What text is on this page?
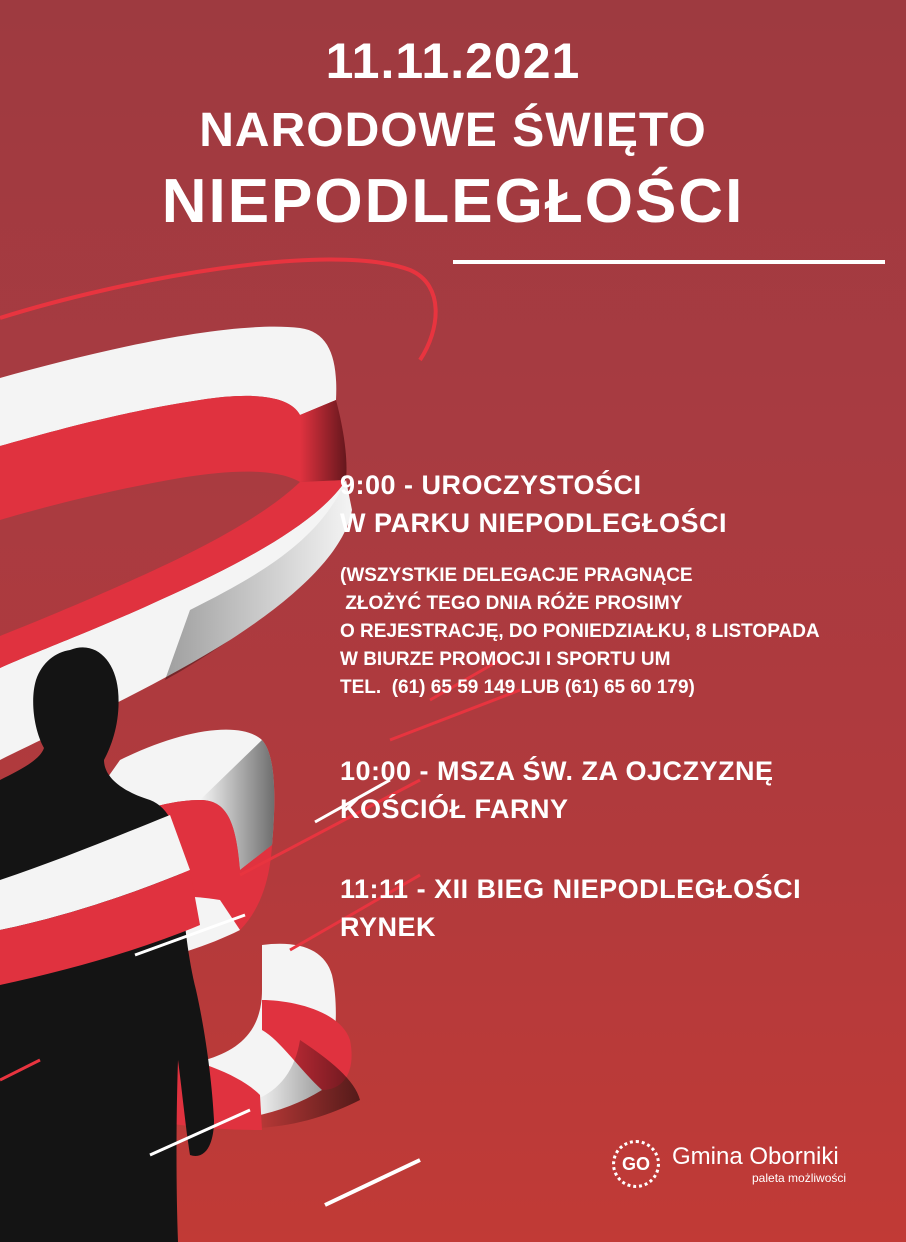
11.11.2021
NARODOWE ŚWIĘTO
NIEPODLEGŁOŚCI
9:00 - UROCZYSTOŚCI
W PARKU NIEPODLEGŁOŚCI
(WSZYSTKIE DELEGACJE PRAGNĄCE
ZŁOŻYĆ TEGO DNIA RÓŻE PROSIMY
O REJESTRACJĘ, DO PONIEDZIAŁKU, 8 LISTOPADA
W BIURZE PROMOCJI I SPORTU UM
TEL.  (61) 65 59 149 LUB (61) 65 60 179)
10:00 - MSZA ŚW. ZA OJCZYZNĘ
KOŚCIÓŁ FARNY
11:11 - XII BIEG NIEPODLEGŁOŚCI
RYNEK
GO Gmina Oborniki
paleta możliwości
